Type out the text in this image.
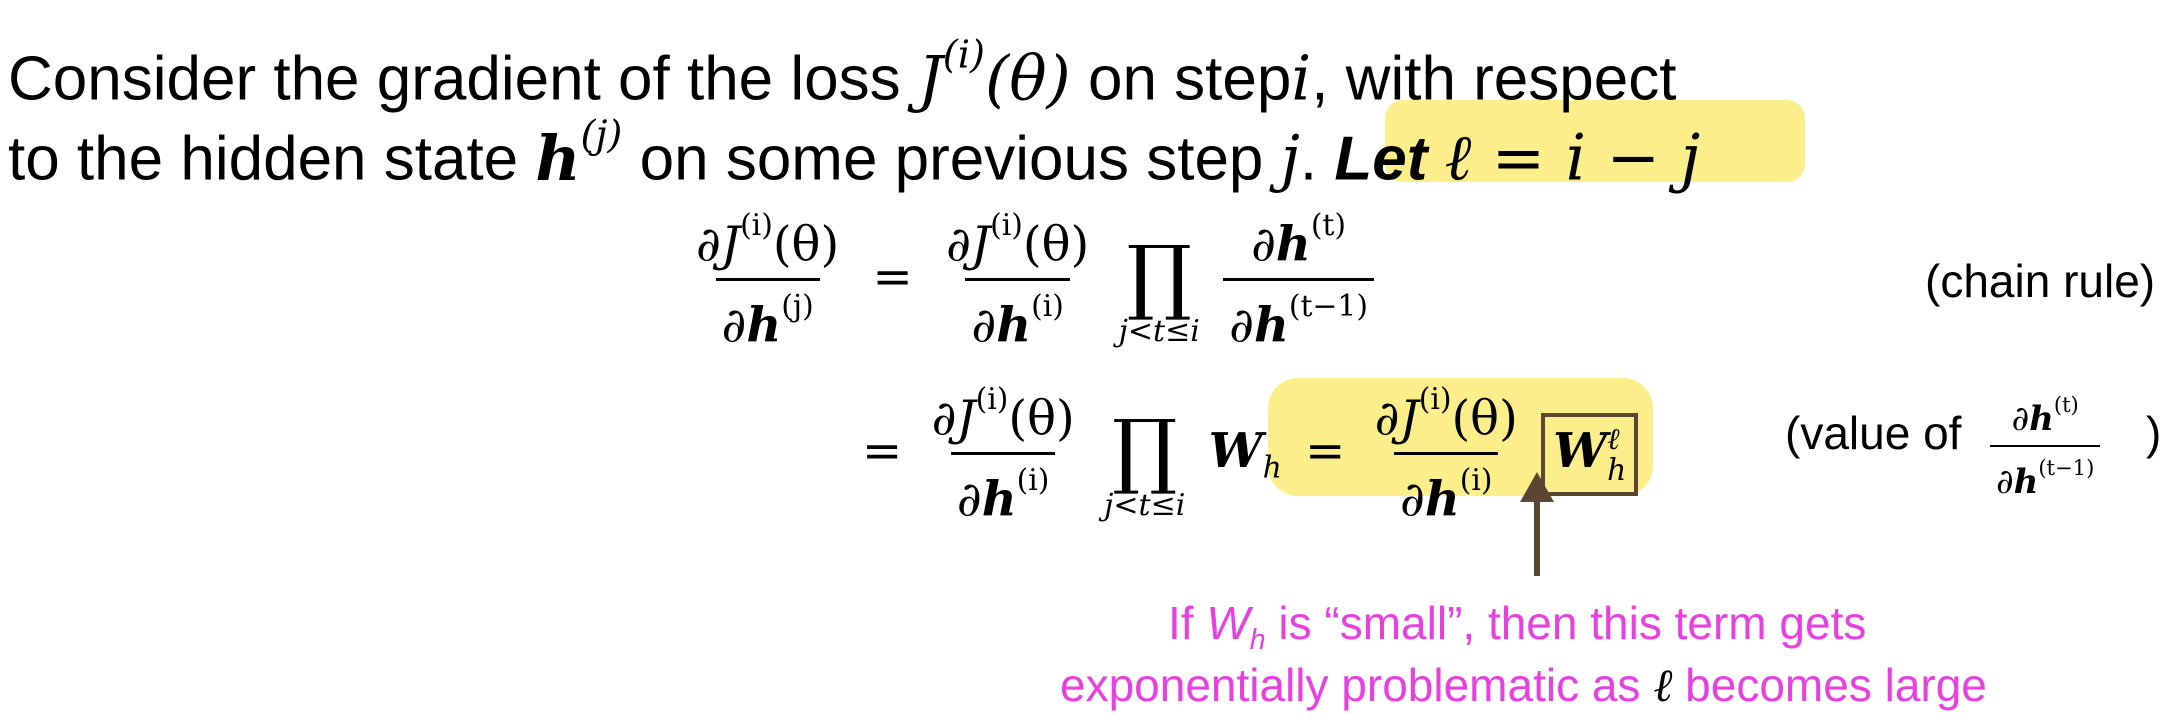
Consider the gradient of the loss $J^{(i)}(\theta)$ on stepi, with respect
to the hidden state $h^{(j)}$ on some previous step j. Let ℓ = i − j
$\frac{\partial J^{(i)}(\theta)}{\partial h^{(j)}} = \frac{\partial J^{(i)}(\theta)}{\partial h^{(i)}}$
∏
j<t≤i
$\frac{\partial h^{(t)}}{\partial h^{(t-1)}}$	(chain rule)
= $\frac{\partial J^{(i)}(\theta)}{\partial h^{(i)}}$
∏
j<t≤i
$W_h = \frac{\partial J^{(i)}(\theta)}{\partial h^{(i)}}$ W ℓ
h
(value of $\frac{\partial h^{(t)}}{\partial h^{(t-1)}}$ )
If $W_h$ is “small”, then this term gets
exponentially problematic as ℓ becomes large
